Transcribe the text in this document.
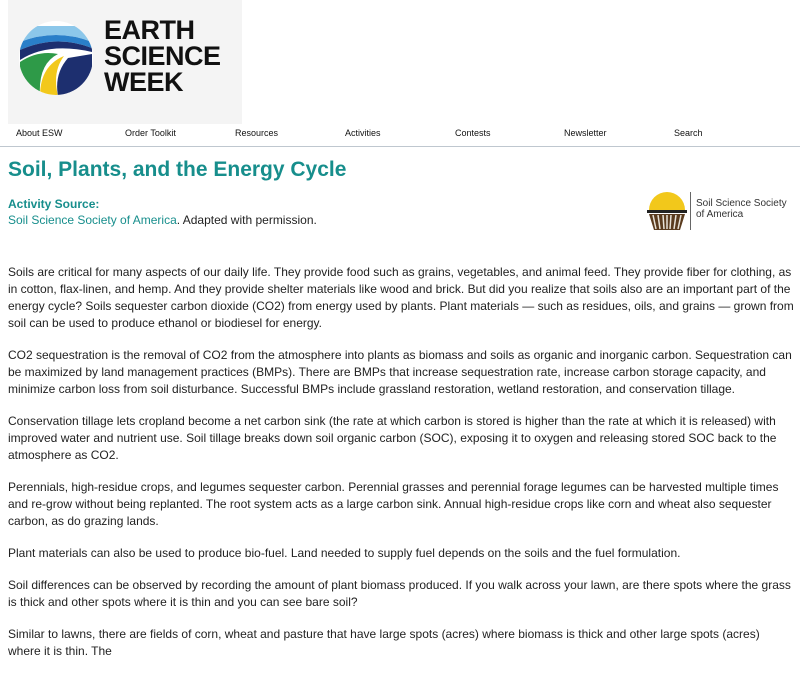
EARTH
SCIENCE
WEEK
About ESW	Order Toolkit	Resources	Activities	Contests	Newsletter	Search
Soil, Plants, and the Energy Cycle
Activity Source:
Soil Science Society of America. Adapted with permission.
Soil Science Society
of America

Soils are critical for many aspects of our daily life. They provide food such as grains, vegetables, and animal feed. They provide fiber for clothing, as in cotton, flax-linen, and hemp. And they provide shelter materials like wood and brick. But did you realize that soils also are an important part of the energy cycle? Soils sequester carbon dioxide (CO2) from energy used by plants. Plant materials — such as residues, oils, and grains — grown from soil can be used to produce ethanol or biodiesel for energy.

CO2 sequestration is the removal of CO2 from the atmosphere into plants as biomass and soils as organic and inorganic carbon. Sequestration can be maximized by land management practices (BMPs). There are BMPs that increase sequestration rate, increase carbon storage capacity, and minimize carbon loss from soil disturbance. Successful BMPs include grassland restoration, wetland restoration, and conservation tillage.

Conservation tillage lets cropland become a net carbon sink (the rate at which carbon is stored is higher than the rate at which it is released) with improved water and nutrient use. Soil tillage breaks down soil organic carbon (SOC), exposing it to oxygen and releasing stored SOC back to the atmosphere as CO2.

Perennials, high-residue crops, and legumes sequester carbon. Perennial grasses and perennial forage legumes can be harvested multiple times and re-grow without being replanted. The root system acts as a large carbon sink. Annual high-residue crops like corn and wheat also sequester carbon, as do grazing lands.

Plant materials can also be used to produce bio-fuel. Land needed to supply fuel depends on the soils and the fuel formulation.

Soil differences can be observed by recording the amount of plant biomass produced. If you walk across your lawn, are there spots where the grass is thick and other spots where it is thin and you can see bare soil?

Similar to lawns, there are fields of corn, wheat and pasture that have large spots (acres) where biomass is thick and other large spots (acres) where it is thin. The
